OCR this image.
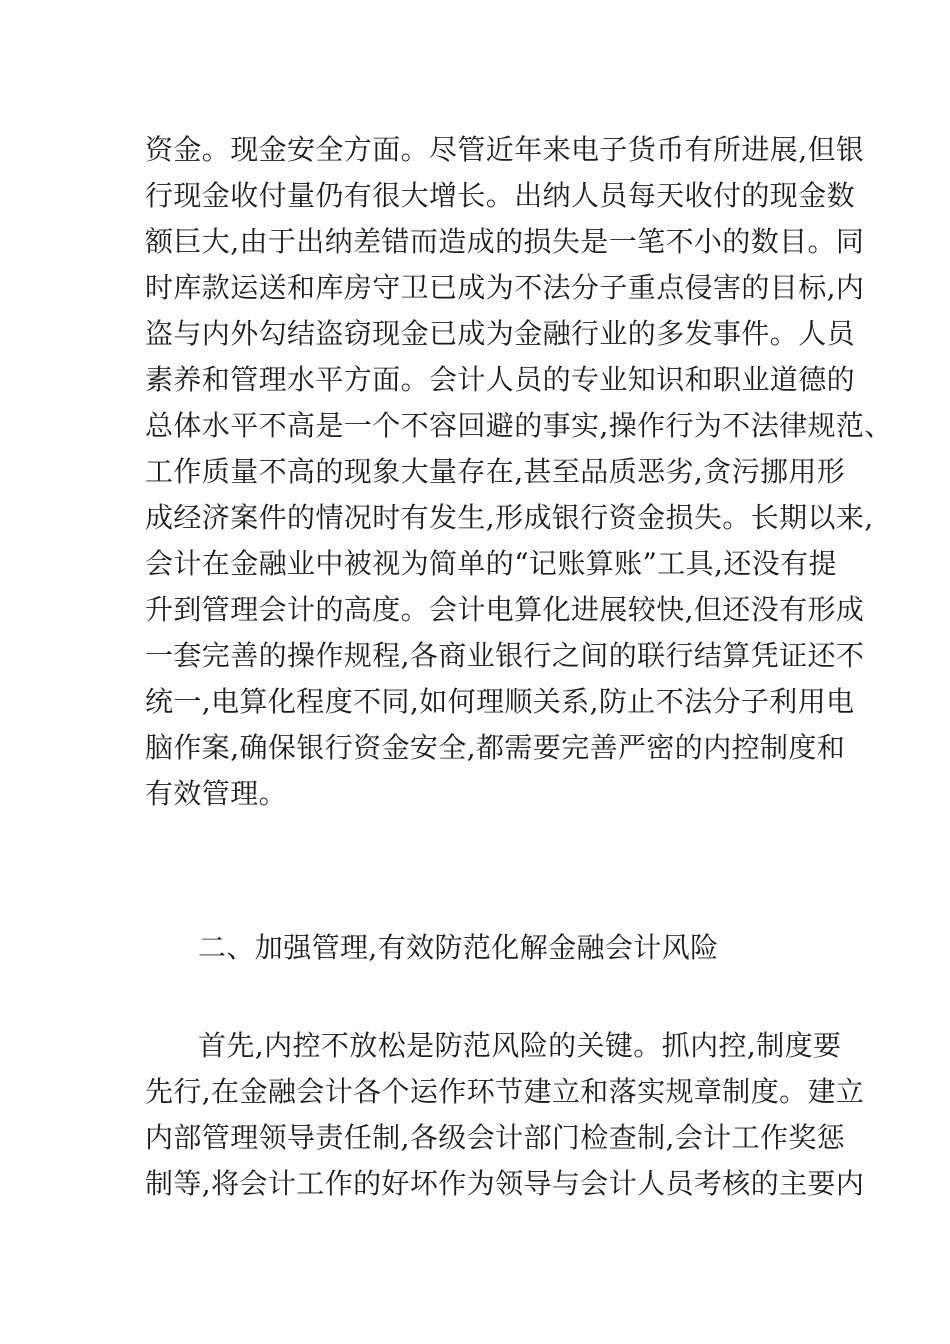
资金。现金安全方面。尽管近年来电子货币有所进展,但银
行现金收付量仍有很大增长。出纳人员每天收付的现金数
额巨大,由于出纳差错而造成的损失是一笔不小的数目。同
时库款运送和库房守卫已成为不法分子重点侵害的目标,内
盗与内外勾结盗窃现金已成为金融行业的多发事件。人员
素养和管理水平方面。会计人员的专业知识和职业道德的
总体水平不高是一个不容回避的事实,操作行为不法律规范、
工作质量不高的现象大量存在,甚至品质恶劣,贪污挪用形
成经济案件的情况时有发生,形成银行资金损失。长期以来,
会计在金融业中被视为简单的“记账算账”工具,还没有提
升到管理会计的高度。会计电算化进展较快,但还没有形成
一套完善的操作规程,各商业银行之间的联行结算凭证还不
统一,电算化程度不同,如何理顺关系,防止不法分子利用电
脑作案,确保银行资金安全,都需要完善严密的内控制度和
有效管理。
二、加强管理,有效防范化解金融会计风险
首先,内控不放松是防范风险的关键。抓内控,制度要
先行,在金融会计各个运作环节建立和落实规章制度。建立
内部管理领导责任制,各级会计部门检查制,会计工作奖惩
制等,将会计工作的好坏作为领导与会计人员考核的主要内
